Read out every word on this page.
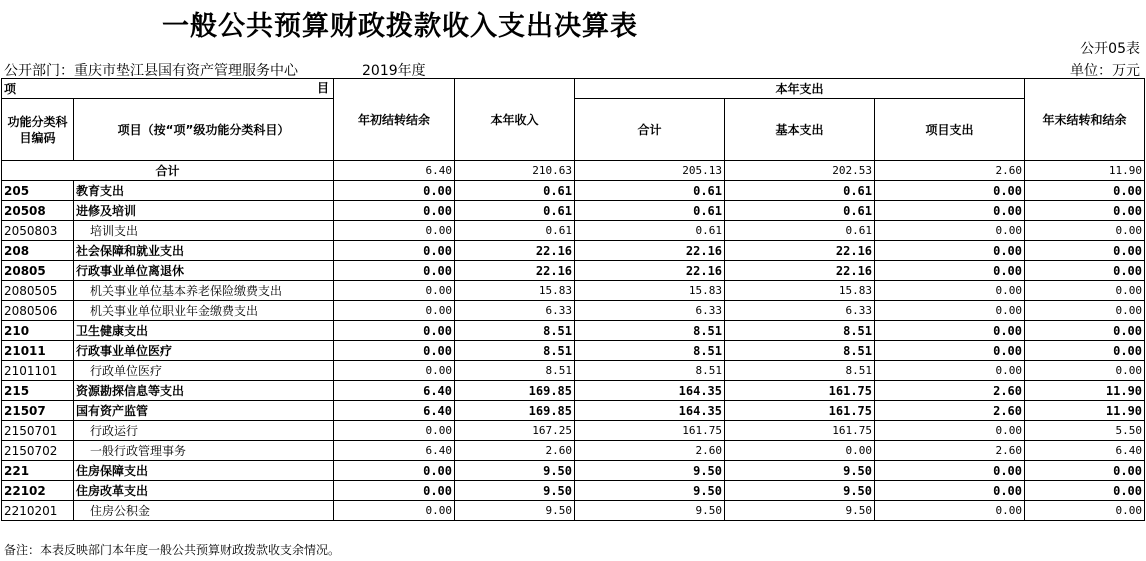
一般公共预算财政拨款收入支出决算表
公开05表
公开部门：重庆市垫江县国有资产管理服务中心	2019年度	单位：万元
项 目		年初结转结余	本年收入	本年支出			年末结转和结余
功能分类科目编码	项目（按“项”级功能分类科目）			合计	基本支出	项目支出	

合计		6.40	210.63	205.13	202.53	2.60	11.90
205	教育支出	0.00	0.61	0.61	0.61	0.00	0.00
20508	进修及培训	0.00	0.61	0.61	0.61	0.00	0.00
2050803	培训支出	0.00	0.61	0.61	0.61	0.00	0.00
208	社会保障和就业支出	0.00	22.16	22.16	22.16	0.00	0.00
20805	行政事业单位离退休	0.00	22.16	22.16	22.16	0.00	0.00
2080505	机关事业单位基本养老保险缴费支出	0.00	15.83	15.83	15.83	0.00	0.00
2080506	机关事业单位职业年金缴费支出	0.00	6.33	6.33	6.33	0.00	0.00
210	卫生健康支出	0.00	8.51	8.51	8.51	0.00	0.00
21011	行政事业单位医疗	0.00	8.51	8.51	8.51	0.00	0.00
2101101	行政单位医疗	0.00	8.51	8.51	8.51	0.00	0.00
215	资源勘探信息等支出	6.40	169.85	164.35	161.75	2.60	11.90
21507	国有资产监管	6.40	169.85	164.35	161.75	2.60	11.90
2150701	行政运行	0.00	167.25	161.75	161.75	0.00	5.50
2150702	一般行政管理事务	6.40	2.60	2.60	0.00	2.60	6.40
221	住房保障支出	0.00	9.50	9.50	9.50	0.00	0.00
22102	住房改革支出	0.00	9.50	9.50	9.50	0.00	0.00
2210201	住房公积金	0.00	9.50	9.50	9.50	0.00	0.00
备注：本表反映部门本年度一般公共预算财政拨款收支余情况。
